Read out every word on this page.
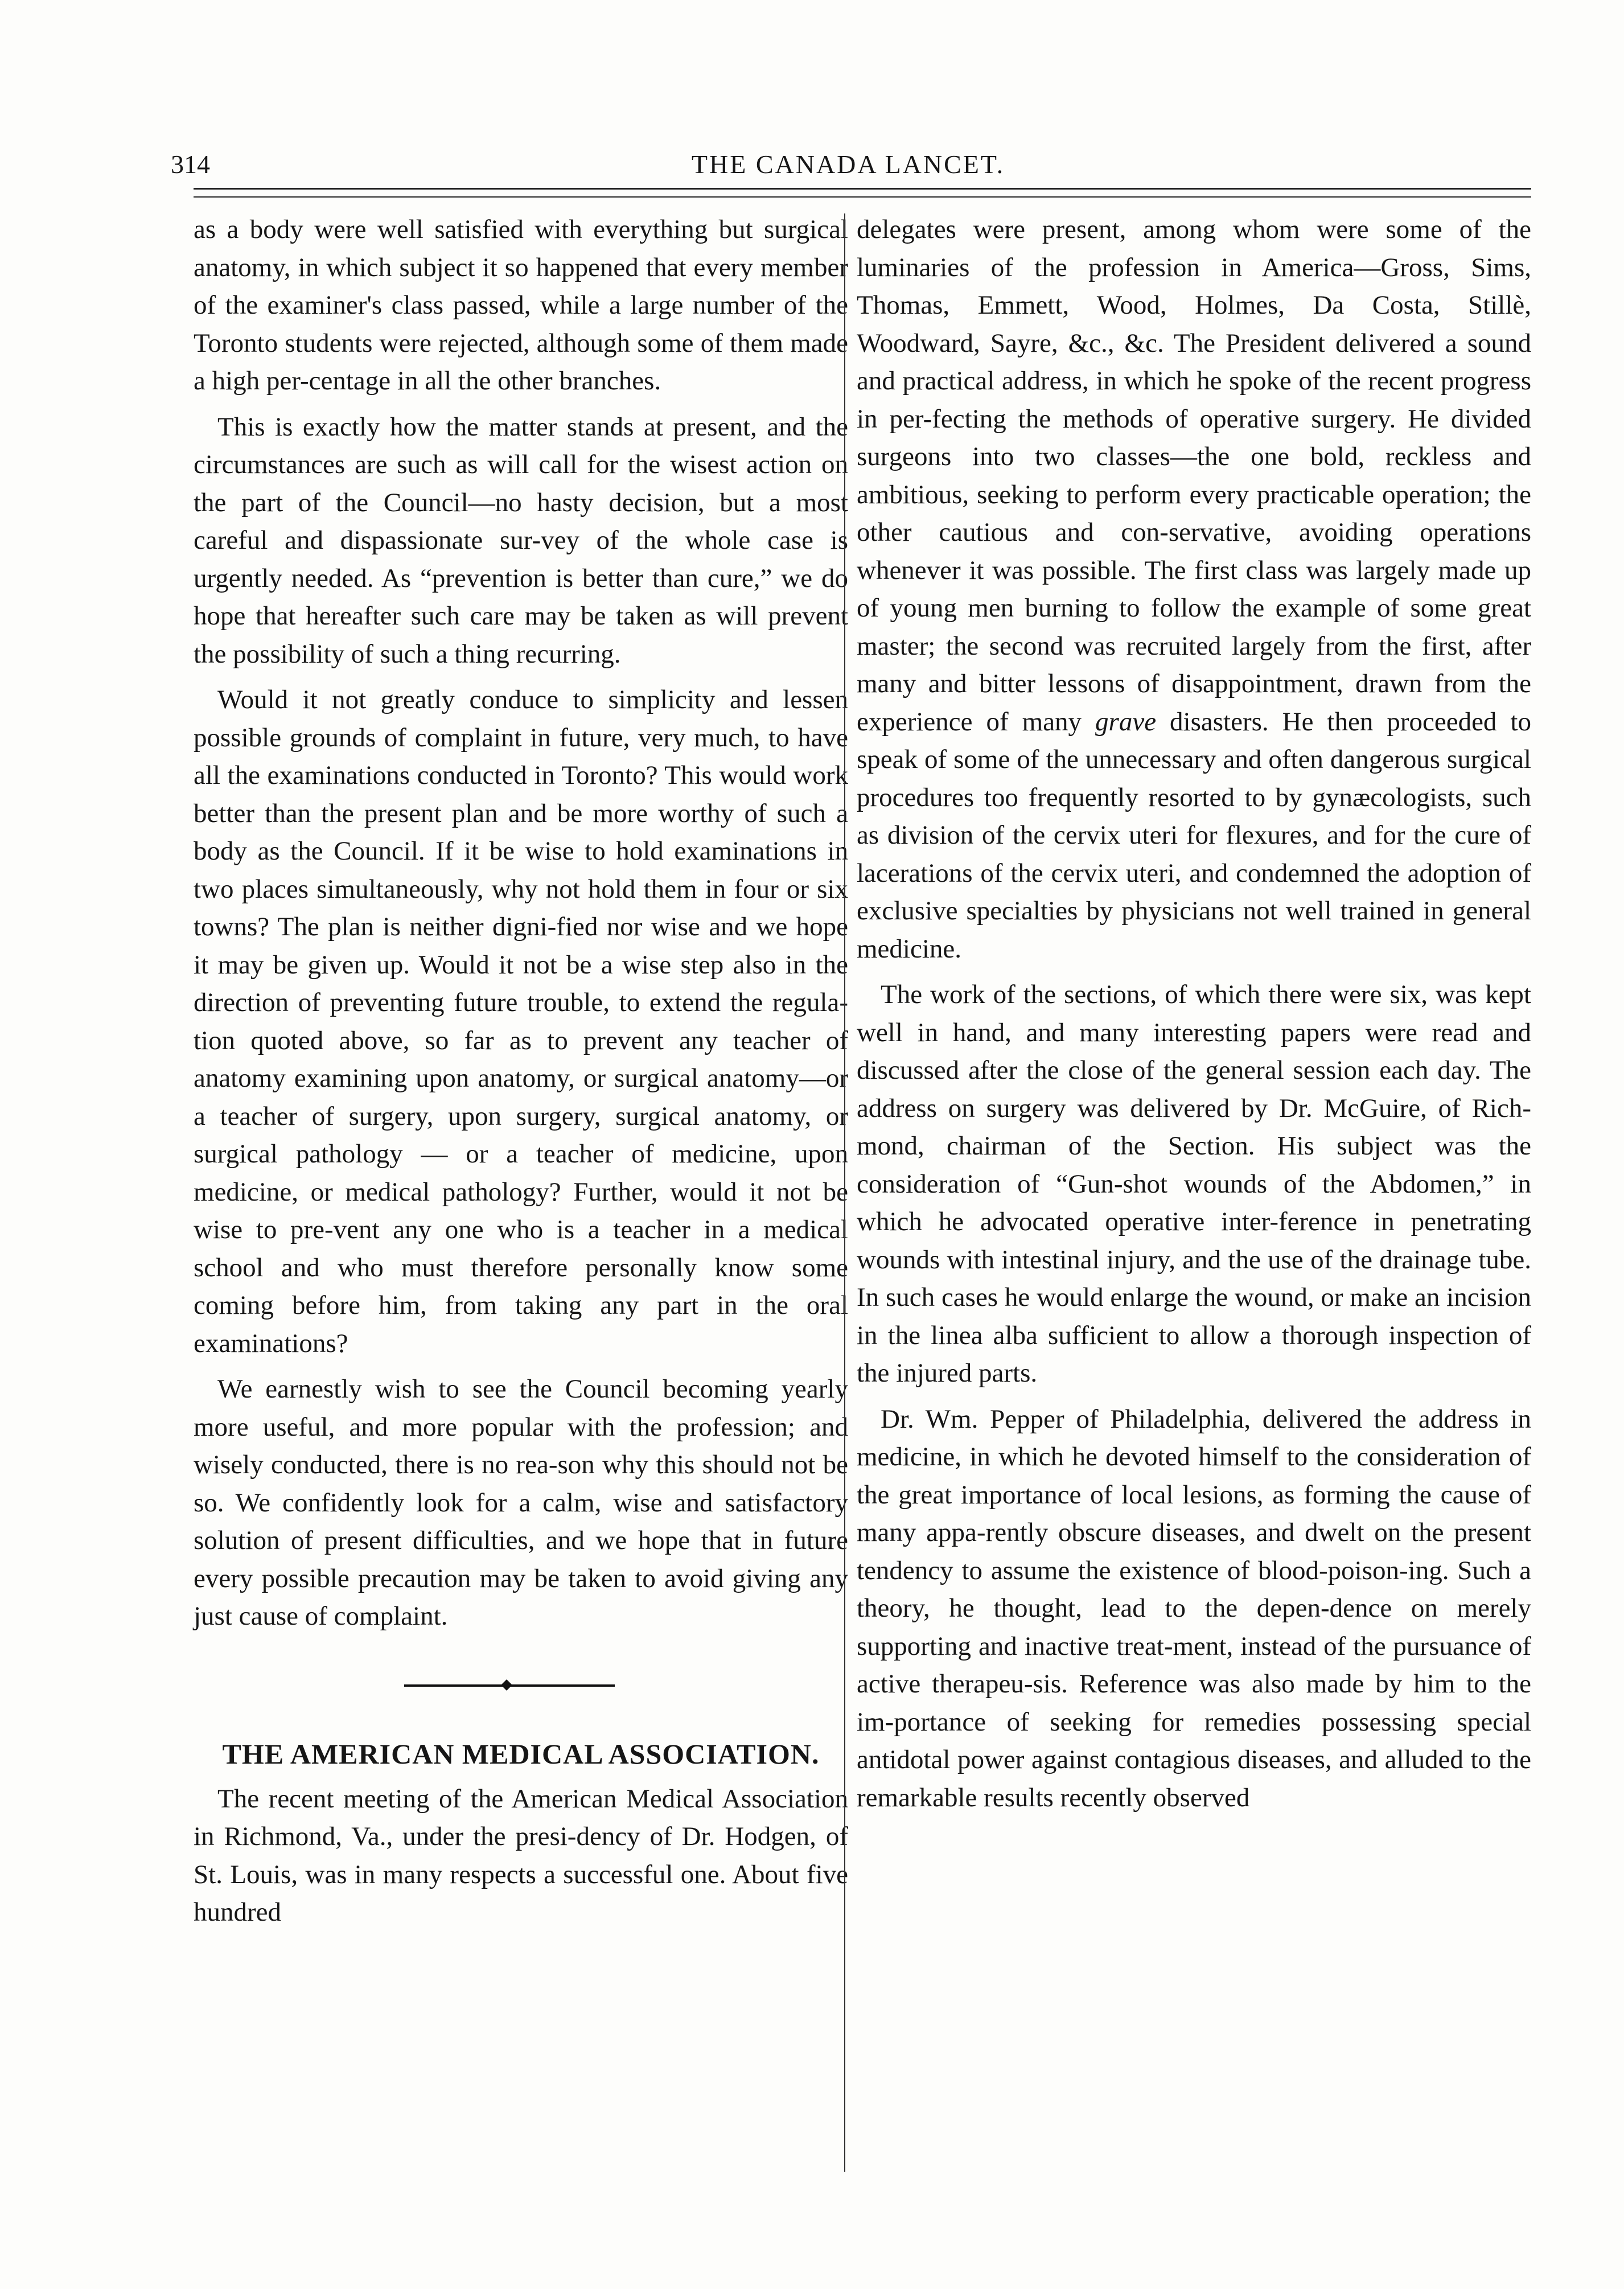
314	THE CANADA LANCET.

as a body were well satisfied with everything but surgical anatomy, in which subject it so happened that every member of the examiner's class passed, while a large number of the Toronto students were rejected, although some of them made a high per-centage in all the other branches.

This is exactly how the matter stands at present, and the circumstances are such as will call for the wisest action on the part of the Council—no hasty decision, but a most careful and dispassionate sur-vey of the whole case is urgently needed. As “prevention is better than cure,” we do hope that hereafter such care may be taken as will prevent the possibility of such a thing recurring.

Would it not greatly conduce to simplicity and lessen possible grounds of complaint in future, very much, to have all the examinations conducted in Toronto? This would work better than the present plan and be more worthy of such a body as the Council. If it be wise to hold examinations in two places simultaneously, why not hold them in four or six towns? The plan is neither digni-fied nor wise and we hope it may be given up. Would it not be a wise step also in the direction of preventing future trouble, to extend the regula-tion quoted above, so far as to prevent any teacher of anatomy examining upon anatomy, or surgical anatomy—or a teacher of surgery, upon surgery, surgical anatomy, or surgical pathology — or a teacher of medicine, upon medicine, or medical pathology? Further, would it not be wise to pre-vent any one who is a teacher in a medical school and who must therefore personally know some coming before him, from taking any part in the oral examinations?

We earnestly wish to see the Council becoming yearly more useful, and more popular with the profession; and wisely conducted, there is no rea-son why this should not be so. We confidently look for a calm, wise and satisfactory solution of present difficulties, and we hope that in future every possible precaution may be taken to avoid giving any just cause of complaint.

THE AMERICAN MEDICAL ASSOCIATION.

The recent meeting of the American Medical Association in Richmond, Va., under the presi-dency of Dr. Hodgen, of St. Louis, was in many respects a successful one. About five hundred

delegates were present, among whom were some of the luminaries of the profession in America—Gross, Sims, Thomas, Emmett, Wood, Holmes, Da Costa, Stillè, Woodward, Sayre, &c., &c. The President delivered a sound and practical address, in which he spoke of the recent progress in per-fecting the methods of operative surgery. He divided surgeons into two classes—the one bold, reckless and ambitious, seeking to perform every practicable operation; the other cautious and con-servative, avoiding operations whenever it was possible. The first class was largely made up of young men burning to follow the example of some great master; the second was recruited largely from the first, after many and bitter lessons of disappointment, drawn from the experience of many grave disasters. He then proceeded to speak of some of the unnecessary and often dangerous surgical procedures too frequently resorted to by gynæcologists, such as division of the cervix uteri for flexures, and for the cure of lacerations of the cervix uteri, and condemned the adoption of exclusive specialties by physicians not well trained in general medicine.

The work of the sections, of which there were six, was kept well in hand, and many interesting papers were read and discussed after the close of the general session each day. The address on surgery was delivered by Dr. McGuire, of Rich-mond, chairman of the Section. His subject was the consideration of “Gun-shot wounds of the Abdomen,” in which he advocated operative inter-ference in penetrating wounds with intestinal injury, and the use of the drainage tube. In such cases he would enlarge the wound, or make an incision in the linea alba sufficient to allow a thorough inspection of the injured parts.

Dr. Wm. Pepper of Philadelphia, delivered the address in medicine, in which he devoted himself to the consideration of the great importance of local lesions, as forming the cause of many appa-rently obscure diseases, and dwelt on the present tendency to assume the existence of blood-poison-ing. Such a theory, he thought, lead to the depen-dence on merely supporting and inactive treat-ment, instead of the pursuance of active therapeu-sis. Reference was also made by him to the im-portance of seeking for remedies possessing special antidotal power against contagious diseases, and alluded to the remarkable results recently observed
